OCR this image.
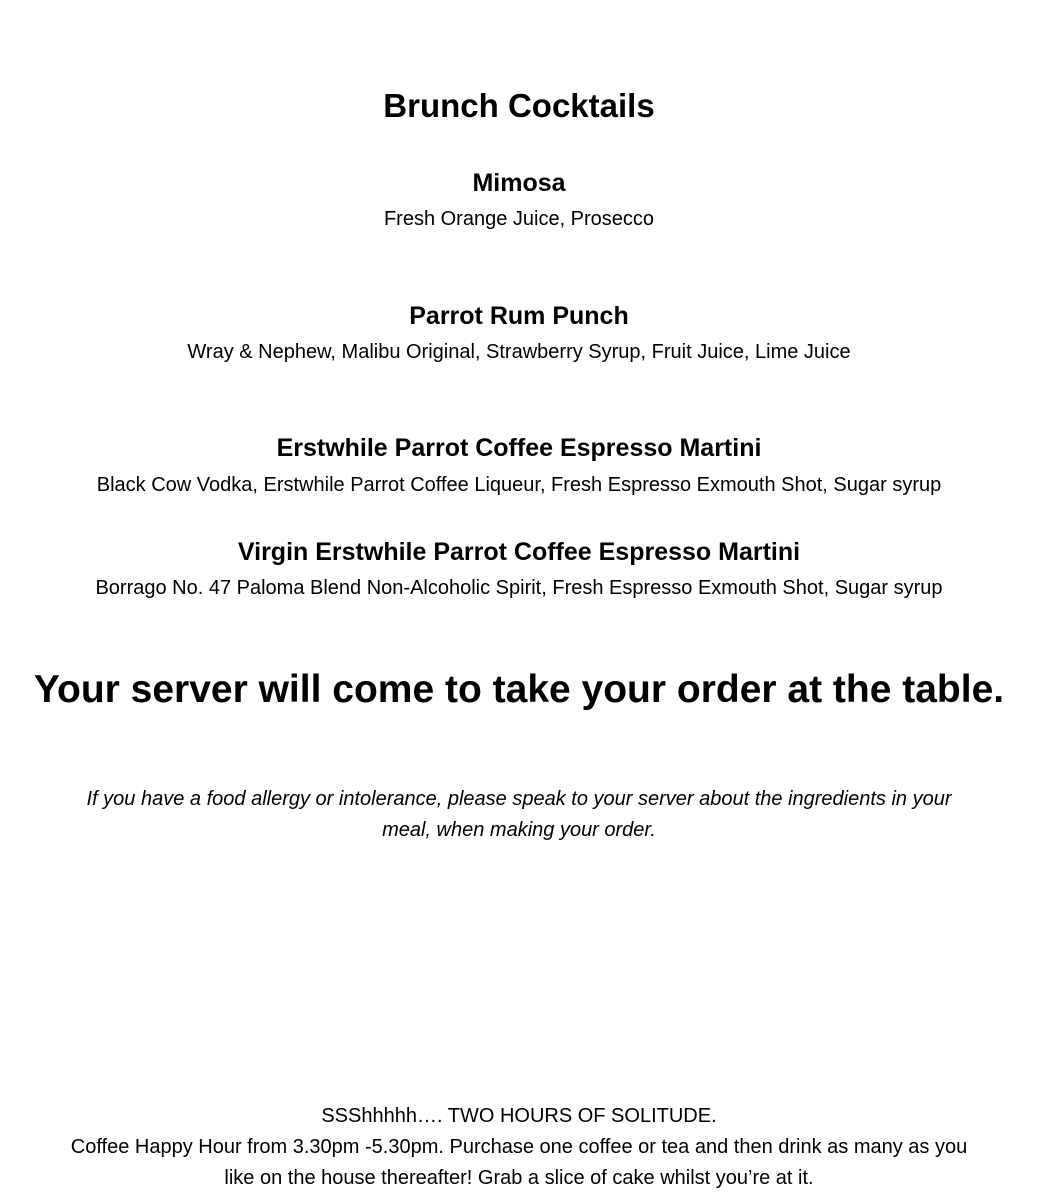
Brunch Cocktails
Mimosa
Fresh Orange Juice, Prosecco
Parrot Rum Punch
Wray & Nephew, Malibu Original, Strawberry Syrup, Fruit Juice, Lime Juice
Erstwhile Parrot Coffee Espresso Martini
Black Cow Vodka, Erstwhile Parrot Coffee Liqueur, Fresh Espresso Exmouth Shot, Sugar syrup
Virgin Erstwhile Parrot Coffee Espresso Martini
Borrago No. 47 Paloma Blend Non-Alcoholic Spirit, Fresh Espresso Exmouth Shot, Sugar syrup
Your server will come to take your order at the table.
If you have a food allergy or intolerance, please speak to your server about the ingredients in your
meal, when making your order.
SSShhhhh…. TWO HOURS OF SOLITUDE.
Coffee Happy Hour from 3.30pm -5.30pm. Purchase one coffee or tea and then drink as many as you
like on the house thereafter! Grab a slice of cake whilst you’re at it.
